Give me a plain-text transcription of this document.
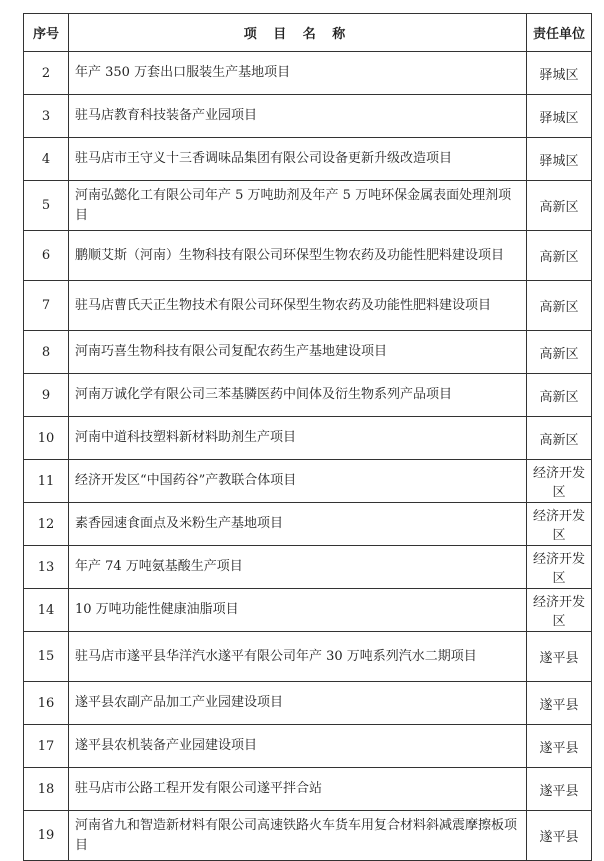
序号	项 目 名 称	责任单位
2	年产 350 万套出口服装生产基地项目	驿城区
3	驻马店教育科技装备产业园项目	驿城区
4	驻马店市王守义十三香调味品集团有限公司设备更新升级改造项目	驿城区
5	河南弘懿化工有限公司年产 5 万吨助剂及年产 5 万吨环保金属表面处理剂项目	高新区
6	鹏顺艾斯（河南）生物科技有限公司环保型生物农药及功能性肥料建设项目	高新区
7	驻马店曹氏天正生物技术有限公司环保型生物农药及功能性肥料建设项目	高新区
8	河南巧喜生物科技有限公司复配农药生产基地建设项目	高新区
9	河南万诚化学有限公司三苯基膦医药中间体及衍生物系列产品项目	高新区
10	河南中道科技塑料新材料助剂生产项目	高新区
11	经济开发区“中国药谷”产教联合体项目	经济开发区
12	素香园速食面点及米粉生产基地项目	经济开发区
13	年产 74 万吨氨基酸生产项目	经济开发区
14	10 万吨功能性健康油脂项目	经济开发区
15	驻马店市遂平县华洋汽水遂平有限公司年产 30 万吨系列汽水二期项目	遂平县
16	遂平县农副产品加工产业园建设项目	遂平县
17	遂平县农机装备产业园建设项目	遂平县
18	驻马店市公路工程开发有限公司遂平拌合站	遂平县
19	河南省九和智造新材料有限公司高速铁路火车货车用复合材料斜减震摩擦板项目	遂平县
